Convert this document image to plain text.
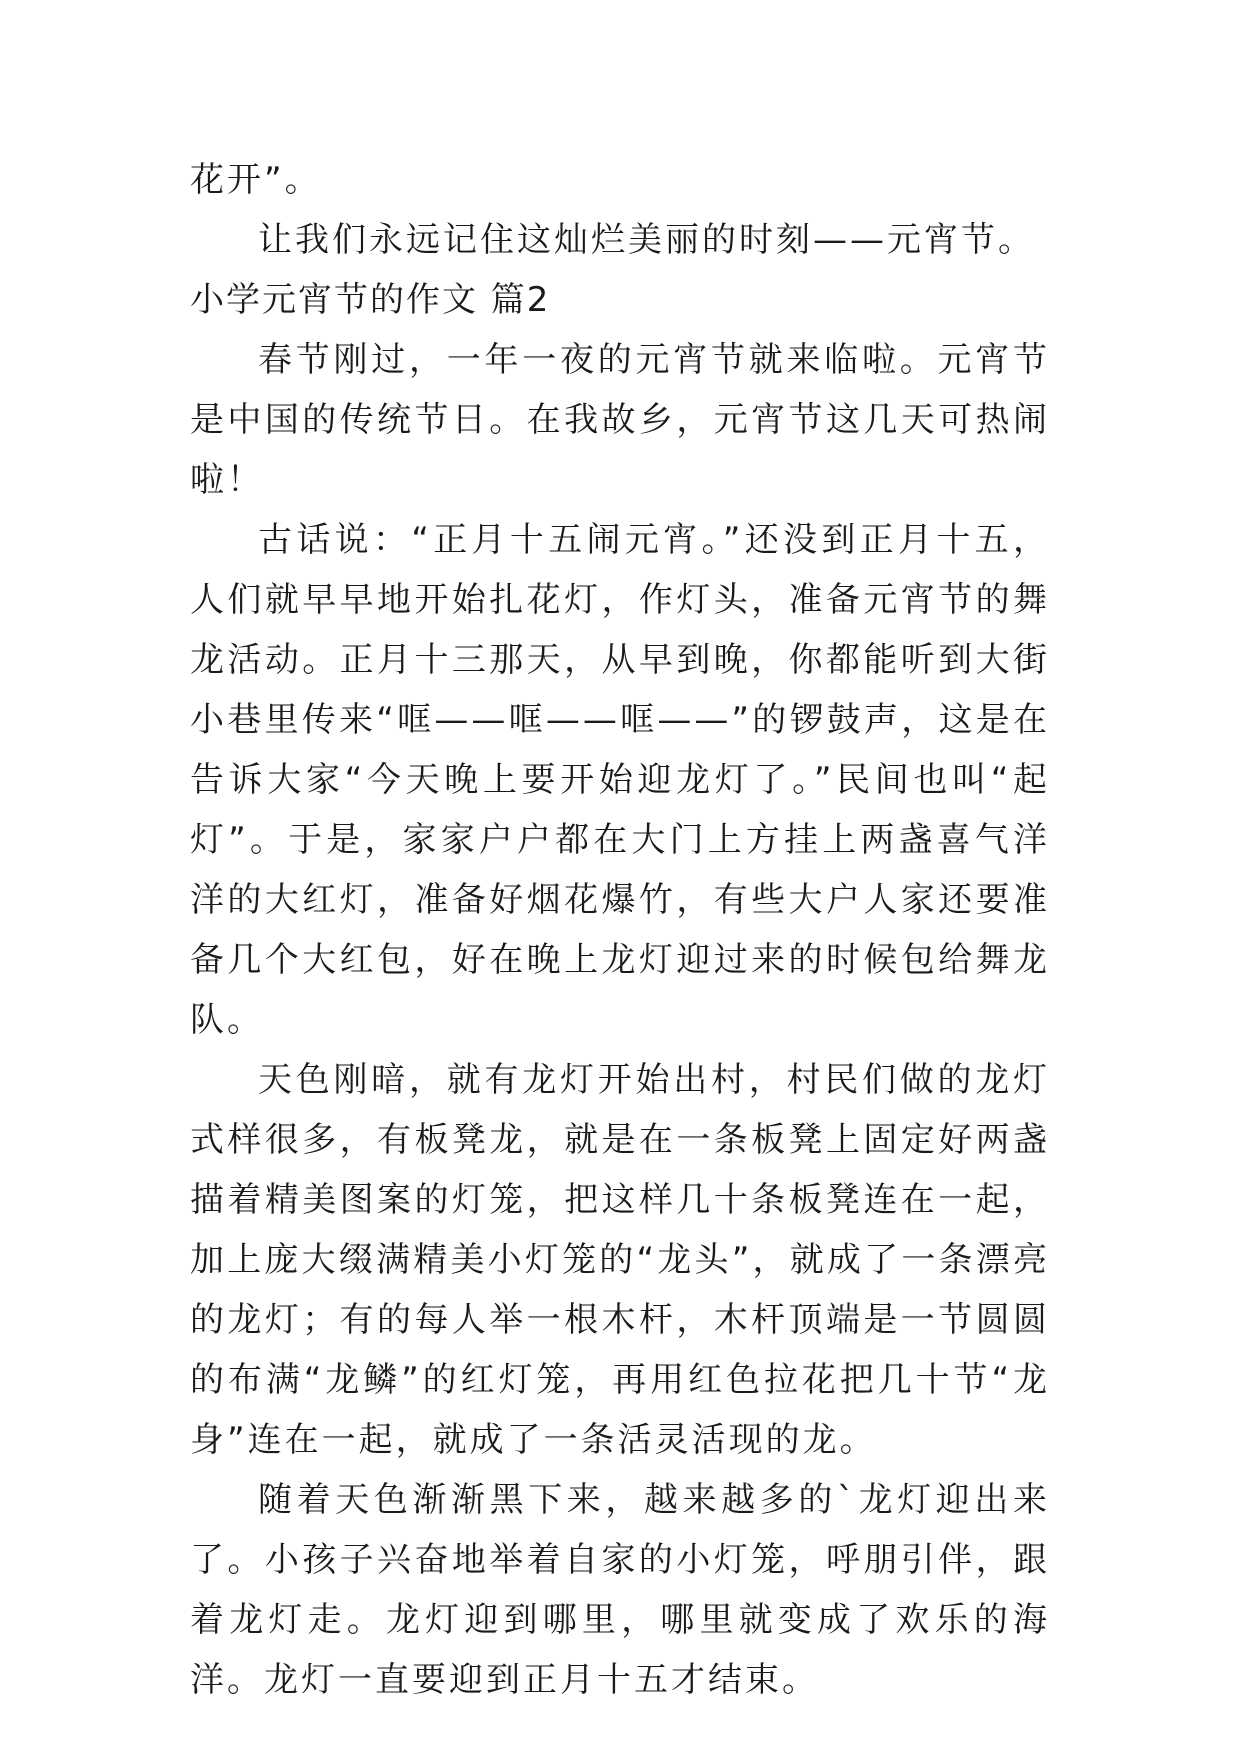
花开”。

让我们永远记住这灿烂美丽的时刻——元宵节。

小学元宵节的作文 篇2

春节刚过，一年一夜的元宵节就来临啦。元宵节是中国的传统节日。在我故乡，元宵节这几天可热闹啦！

古话说：“正月十五闹元宵。”还没到正月十五，人们就早早地开始扎花灯，作灯头，准备元宵节的舞龙活动。正月十三那天，从早到晚，你都能听到大街小巷里传来“哐——哐——哐——”的锣鼓声，这是在告诉大家“今天晚上要开始迎龙灯了。”民间也叫“起灯”。于是，家家户户都在大门上方挂上两盏喜气洋洋的大红灯，准备好烟花爆竹，有些大户人家还要准备几个大红包，好在晚上龙灯迎过来的时候包给舞龙队。

天色刚暗，就有龙灯开始出村，村民们做的龙灯式样很多，有板凳龙，就是在一条板凳上固定好两盏描着精美图案的灯笼，把这样几十条板凳连在一起，加上庞大缀满精美小灯笼的“龙头”，就成了一条漂亮的龙灯；有的每人举一根木杆，木杆顶端是一节圆圆的布满“龙鳞”的红灯笼，再用红色拉花把几十节“龙身”连在一起，就成了一条活灵活现的龙。

随着天色渐渐黑下来，越来越多的`龙灯迎出来了。小孩子兴奋地举着自家的小灯笼，呼朋引伴，跟着龙灯走。龙灯迎到哪里，哪里就变成了欢乐的海洋。龙灯一直要迎到正月十五才结束。
